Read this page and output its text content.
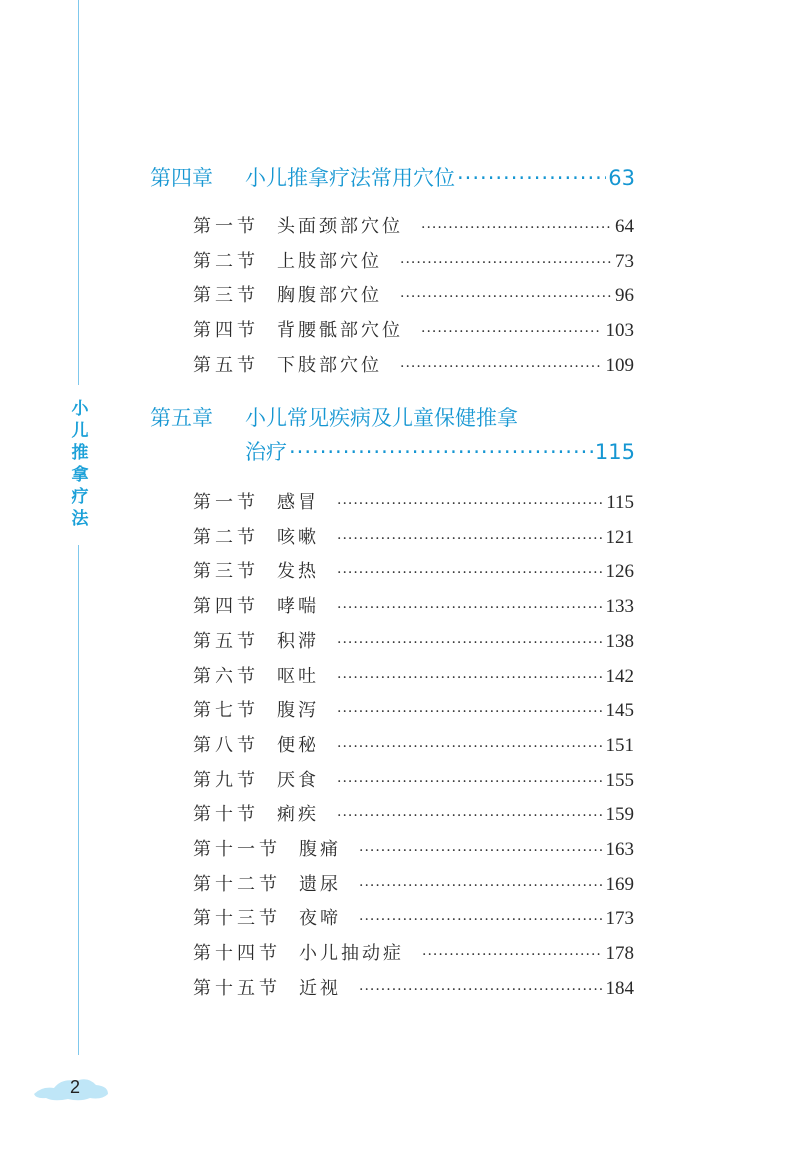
小儿推拿疗法
第四章	小儿推拿疗法常用穴位 ·····	63
第一节 头面颈部穴位 ·····	64
第二节 上肢部穴位 ·····	73
第三节 胸腹部穴位 ·····	96
第四节 背腰骶部穴位 ·····	103
第五节 下肢部穴位 ·····	109
第五章 小儿常见疾病及儿童保健推拿
治疗 ·····	115
第一节 感冒 ·····	115
第二节 咳嗽 ·····	121
第三节 发热 ·····	126
第四节 哮喘 ·····	133
第五节 积滞 ·····	138
第六节 呕吐 ·····	142
第七节 腹泻 ·····	145
第八节 便秘 ·····	151
第九节 厌食 ·····	155
第十节 痢疾 ·····	159
第十一节 腹痛 ·····	163
第十二节 遗尿 ·····	169
第十三节 夜啼 ·····	173
第十四节 小儿抽动症 ·····	178
第十五节 近视 ·····	184
2
